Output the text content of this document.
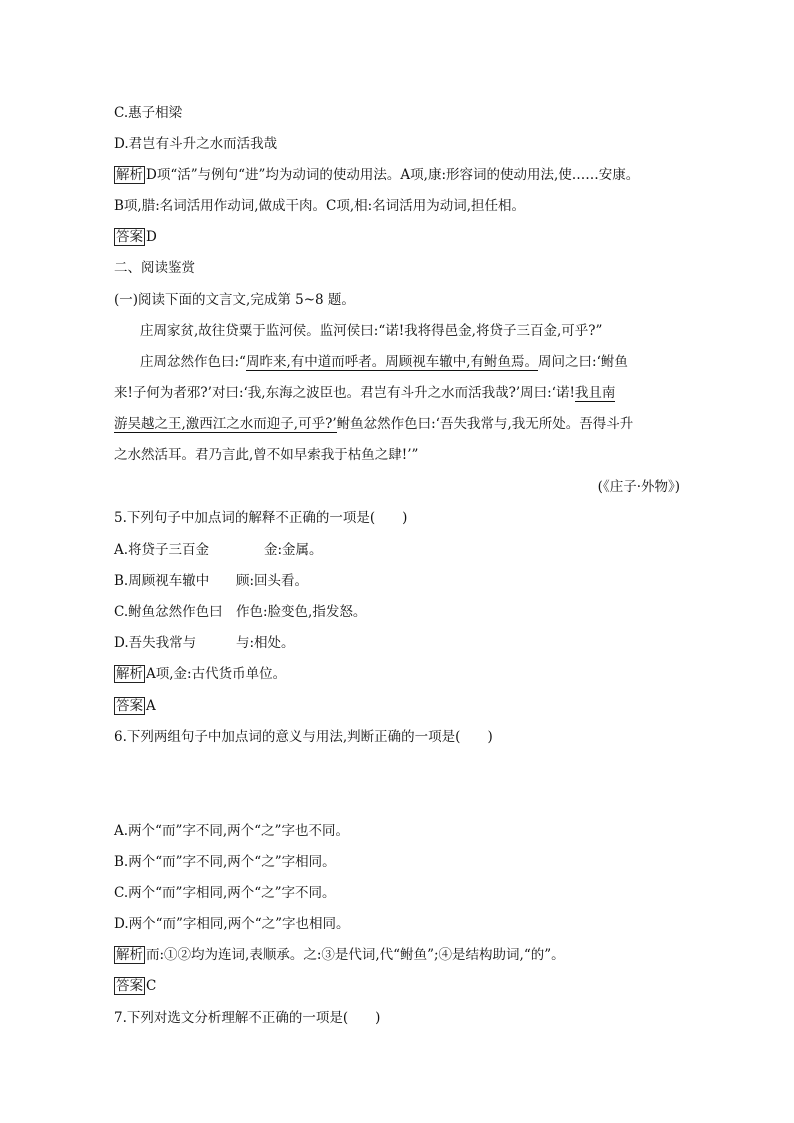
C.惠子相梁
D.君岂有斗升之水而活我哉
解析 D项“活”与例句“进”均为动词的使动用法。A项,康:形容词的使动用法,使……安康。
B项,腊:名词活用作动词,做成干肉。C项,相:名词活用为动词,担任相。
答案 D
二、阅读鉴赏
(一)阅读下面的文言文,完成第 5~8 题。
庄周家贫,故往贷粟于监河侯。监河侯曰:“诺!我将得邑金,将贷子三百金,可乎?”
庄周忿然作色曰:“周昨来,有中道而呼者。周顾视车辙中,有鲋鱼焉。周问之曰:‘鲋鱼
来!子何为者邪?’对曰:‘我,东海之波臣也。君岂有斗升之水而活我哉?’周曰:‘诺!我且南
游吴越之王,激西江之水而迎子,可乎?’鲋鱼忿然作色曰:‘吾失我常与,我无所处。吾得斗升
之水然活耳。君乃言此,曾不如早索我于枯鱼之肆!’”
(《庄子·外物》)
5.下列句子中加点词的解释不正确的一项是(　　)
A.将贷子三百金	金:金属。
B.周顾视车辙中 顾:回头看。
C.鲋鱼忿然作色曰 作色:脸变色,指发怒。
D.吾失我常与	与:相处。
解析 A项,金:古代货币单位。
答案 A
6.下列两组句子中加点词的意义与用法,判断正确的一项是(　　)
A.两个“而”字不同,两个“之”字也不同。
B.两个“而”字不同,两个“之”字相同。
C.两个“而”字相同,两个“之”字不同。
D.两个“而”字相同,两个“之”字也相同。
解析 而:①②均为连词,表顺承。之:③是代词,代“鲋鱼”;④是结构助词,“的”。
答案 C
7.下列对选文分析理解不正确的一项是(　　)
